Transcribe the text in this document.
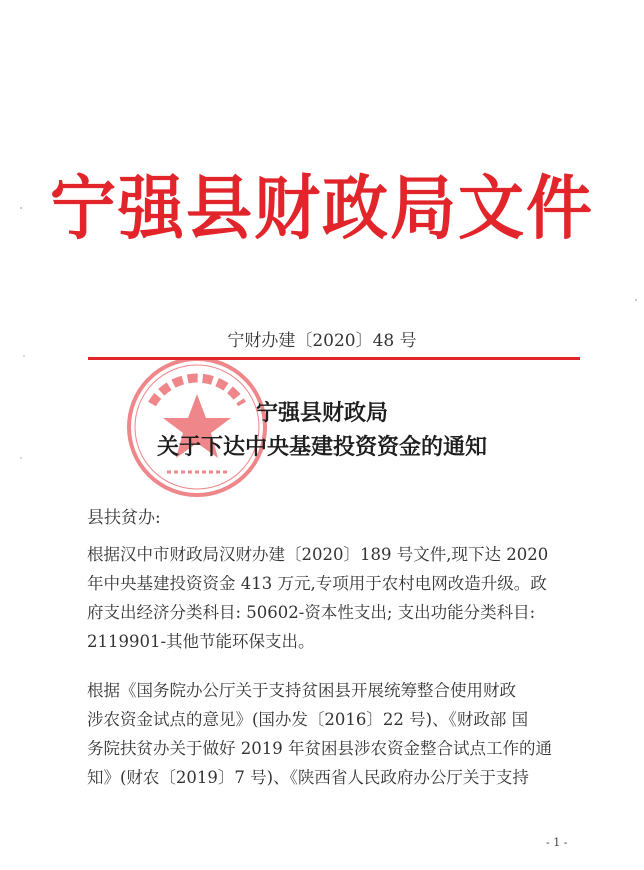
宁强县财政局文件
宁财办建〔2020〕48 号
宁强县财政局
关于下达中央基建投资资金的通知
县扶贫办:
根据汉中市财政局汉财办建〔2020〕189 号文件,现下达 2020
年中央基建投资资金 413 万元,专项用于农村电网改造升级。政
府支出经济分类科目: 50602-资本性支出; 支出功能分类科目:
2119901-其他节能环保支出。
根据《国务院办公厅关于支持贫困县开展统筹整合使用财政
涉农资金试点的意见》(国办发〔2016〕22 号)、《财政部 国
务院扶贫办关于做好 2019 年贫困县涉农资金整合试点工作的通
知》(财农〔2019〕7 号)、《陕西省人民政府办公厅关于支持
- 1 -
